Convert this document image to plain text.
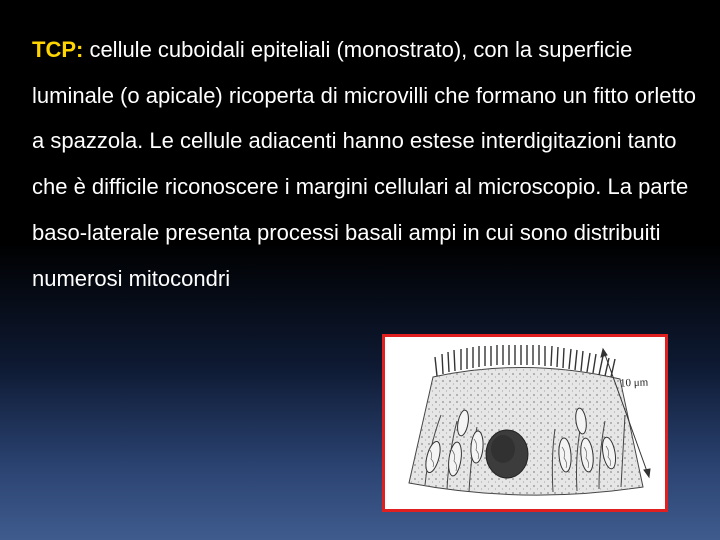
TCP: cellule cuboidali epiteliali (monostrato), con la superficie luminale (o apicale) ricoperta di microvilli che formano un fitto orletto a spazzola. Le cellule adiacenti hanno estese interdigitazioni tanto che è difficile riconoscere i margini cellulari al microscopio. La parte baso-laterale presenta processi basali ampi in cui sono distribuiti numerosi mitocondri

10 μm
